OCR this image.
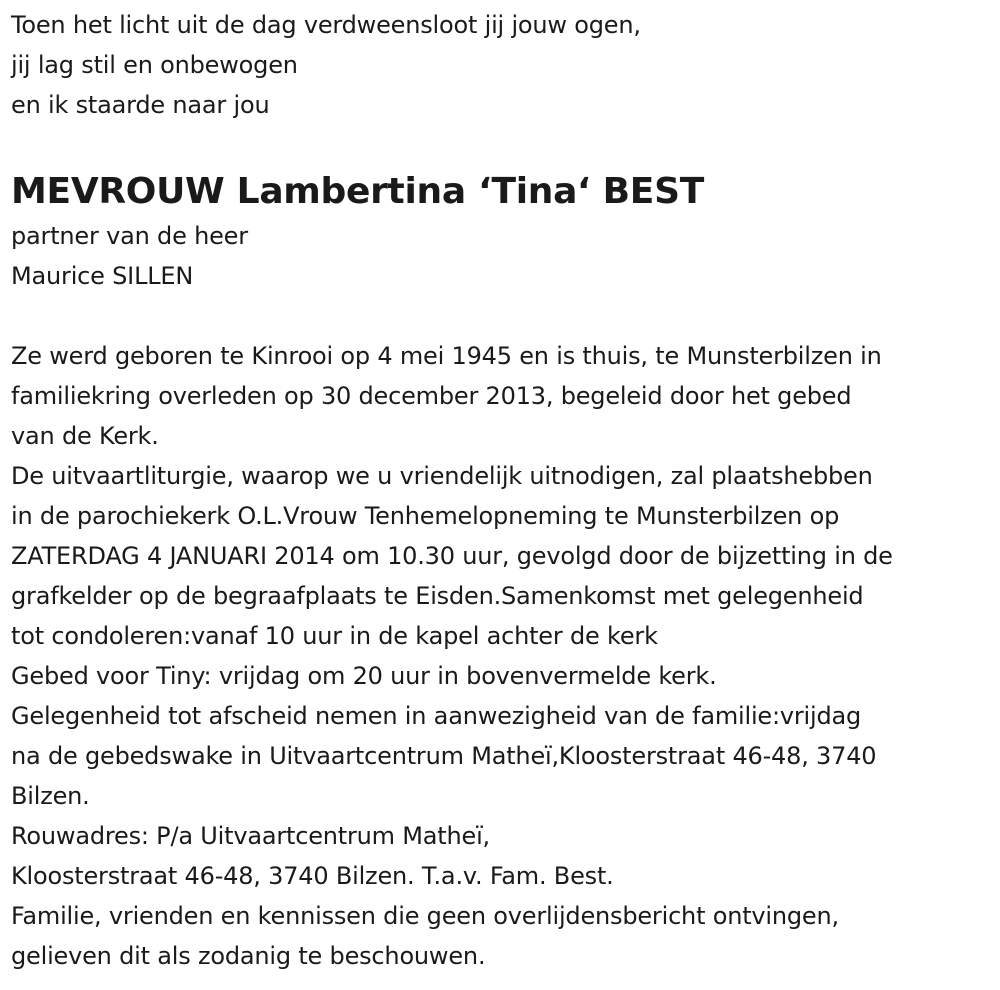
Toen het licht uit de dag verdweensloot jij jouw ogen,
jij lag stil en onbewogen
en ik staarde naar jou
MEVROUW Lambertina ‘Tina‘ BEST
partner van de heer
Maurice SILLEN
Ze werd geboren te Kinrooi op 4 mei 1945 en is thuis, te Munsterbilzen in
familiekring overleden op 30 december 2013, begeleid door het gebed
van de Kerk.
De uitvaartliturgie, waarop we u vriendelijk uitnodigen, zal plaatshebben
in de parochiekerk O.L.Vrouw Tenhemelopneming te Munsterbilzen op
ZATERDAG 4 JANUARI 2014 om 10.30 uur, gevolgd door de bijzetting in de
grafkelder op de begraafplaats te Eisden.Samenkomst met gelegenheid
tot condoleren:vanaf 10 uur in de kapel achter de kerk
Gebed voor Tiny: vrijdag om 20 uur in bovenvermelde kerk.
Gelegenheid tot afscheid nemen in aanwezigheid van de familie:vrijdag
na de gebedswake in Uitvaartcentrum Matheï,Kloosterstraat 46-48, 3740
Bilzen.
Rouwadres: P/a Uitvaartcentrum Matheï,
Kloosterstraat 46-48, 3740 Bilzen. T.a.v. Fam. Best.
Familie, vrienden en kennissen die geen overlijdensbericht ontvingen,
gelieven dit als zodanig te beschouwen.
